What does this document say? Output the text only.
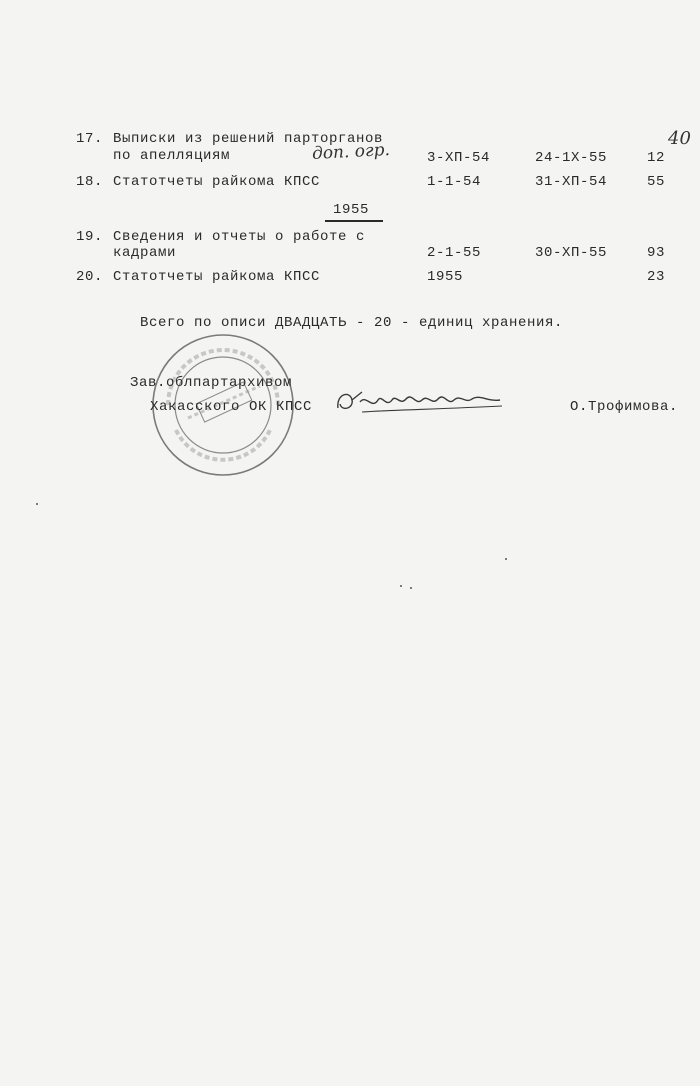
17. Выписки из решений парторганов
по апелляциям	доп. огр.	3-ХП-54	24-1Х-55	12
40
18. Статотчеты райкома КПСС	1-1-54	31-ХП-54	55
1955
19. Сведения и отчеты о работе с
кадрами	2-1-55	30-ХП-55	93
20. Статотчеты райкома КПСС	1955	23
Всего по описи ДВАДЦАТЬ - 20 - единиц хранения.
Зав.облпартархивом
Хакасского ОК КПСС	О.Трофимова.
